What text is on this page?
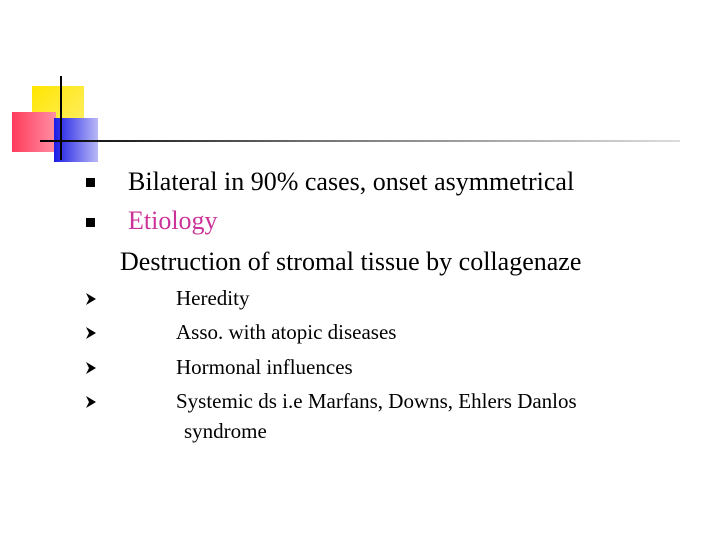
Bilateral in 90% cases, onset asymmetrical
Etiology
Destruction of stromal tissue by collagenaze
Heredity
Asso. with atopic diseases
Hormonal influences
Systemic ds i.e Marfans, Downs, Ehlers Danlos
syndrome
